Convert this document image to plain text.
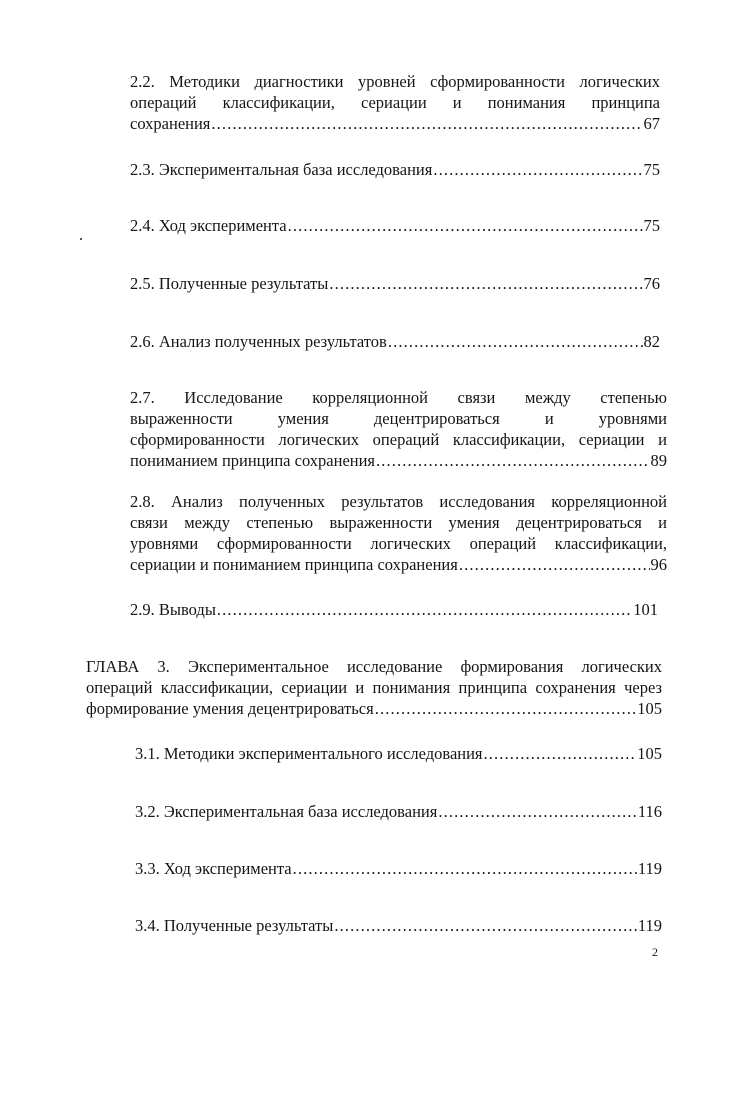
2.2. Методики диагностики уровней сформированности логических
операций классификации, сериации и понимания принципа
сохранения . . .	67
2.3. Экспериментальная база исследования . . .	75
2.4. Ход эксперимента . . .	75
2.5. Полученные результаты . . .	76
2.6. Анализ полученных результатов . . .	82
2.7. Исследование корреляционной связи между степенью
выраженности умения децентрироваться и уровнями
сформированности логических операций классификации, сериации и
пониманием принципа сохранения . . .	89
2.8. Анализ полученных результатов исследования корреляционной
связи между степенью выраженности умения децентрироваться и
уровнями сформированности логических операций классификации,
сериации и пониманием принципа сохранения . . .	96
2.9. Выводы . . .	101
ГЛАВА 3. Экспериментальное исследование формирования логических
операций классификации, сериации и понимания принципа сохранения через
формирование умения децентрироваться . . .	105
3.1. Методики экспериментального исследования . . .	105
3.2. Экспериментальная база исследования . . .	116
3.3. Ход эксперимента . . .	119
3.4. Полученные результаты . . .	119
2
